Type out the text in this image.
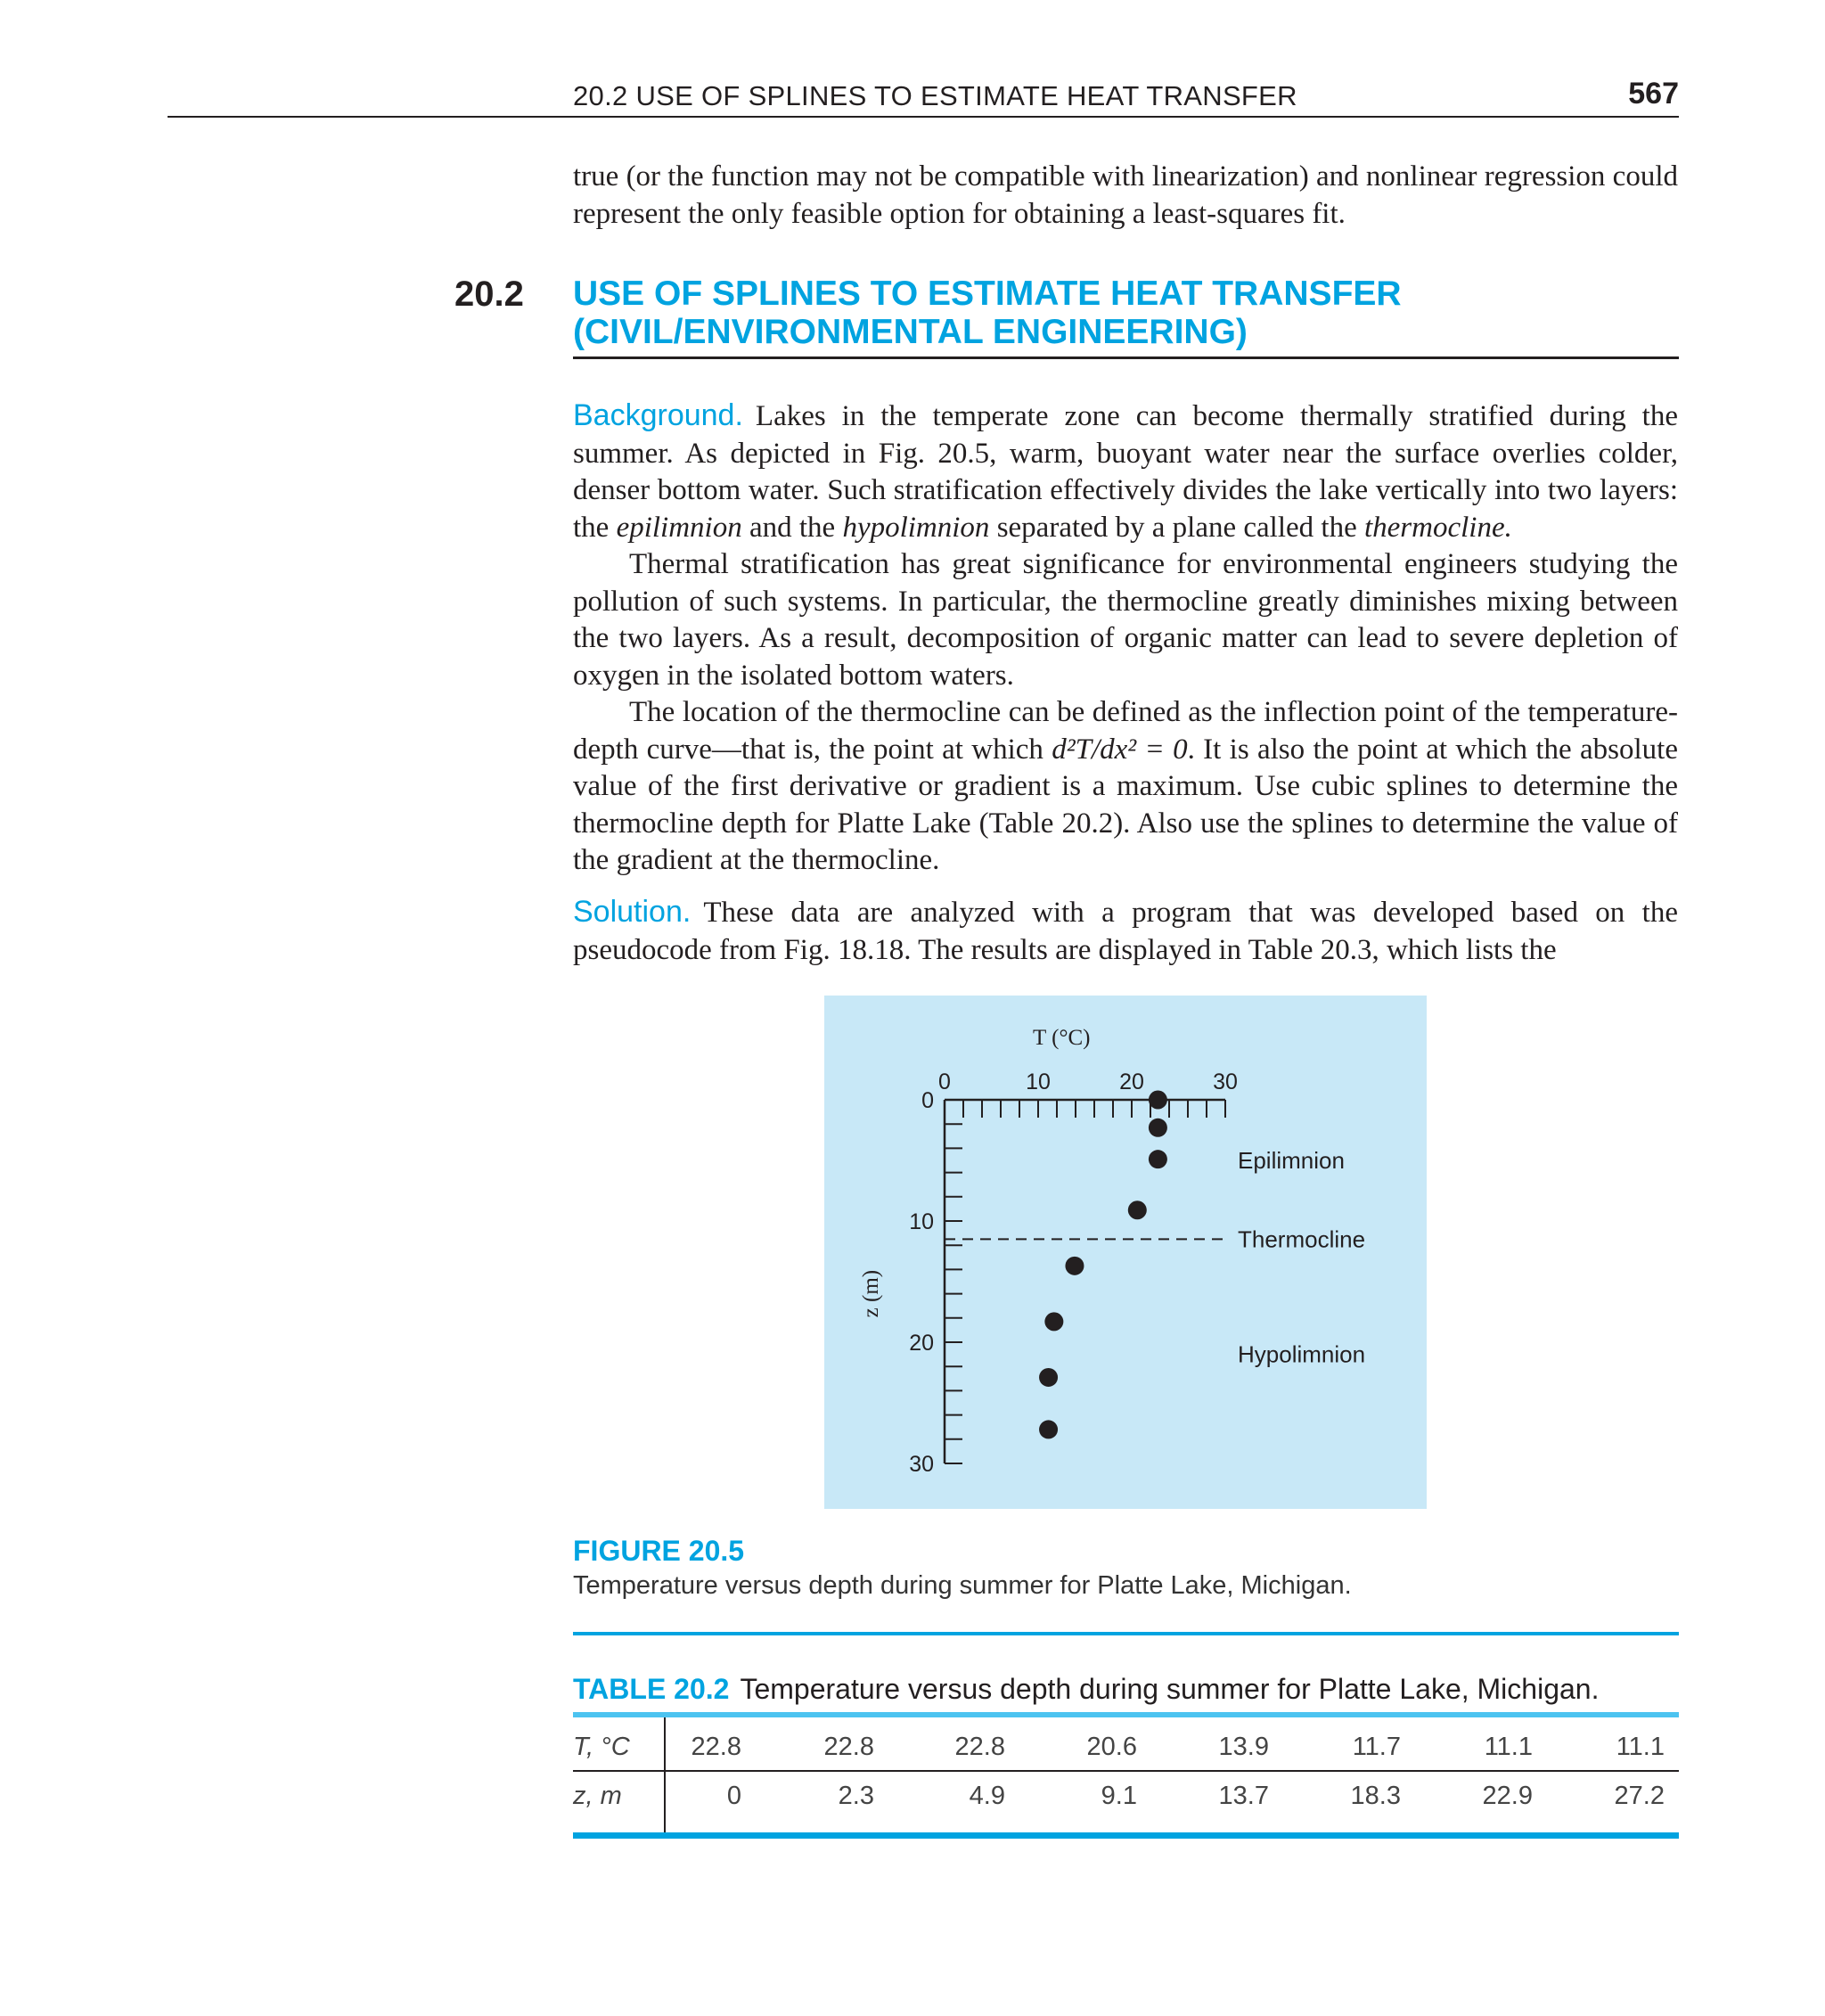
20.2 USE OF SPLINES TO ESTIMATE HEAT TRANSFER	567

true (or the function may not be compatible with linearization) and nonlinear regression could represent the only feasible option for obtaining a least-squares fit.

20.2 USE OF SPLINES TO ESTIMATE HEAT TRANSFER
(CIVIL/ENVIRONMENTAL ENGINEERING)

Background. Lakes in the temperate zone can become thermally stratified during the summer. As depicted in Fig. 20.5, warm, buoyant water near the surface overlies colder, denser bottom water. Such stratification effectively divides the lake vertically into two layers: the epilimnion and the hypolimnion separated by a plane called the thermocline.

Thermal stratification has great significance for environmental engineers studying the pollution of such systems. In particular, the thermocline greatly diminishes mixing between the two layers. As a result, decomposition of organic matter can lead to severe depletion of oxygen in the isolated bottom waters.

The location of the thermocline can be defined as the inflection point of the temperature-depth curve—that is, the point at which d²T/dx² = 0. It is also the point at which the absolute value of the first derivative or gradient is a maximum. Use cubic splines to determine the thermocline depth for Platte Lake (Table 20.2). Also use the splines to determine the value of the gradient at the thermocline.

Solution. These data are analyzed with a program that was developed based on the pseudocode from Fig. 18.18. The results are displayed in Table 20.3, which lists the

0	10	20	30
0
10
20
30
T (°C)
z (m)
Epilimnion
Thermocline
Hypolimnion
FIGURE 20.5
Temperature versus depth during summer for Platte Lake, Michigan.
TABLE 20.2 Temperature versus depth during summer for Platte Lake, Michigan.
T, °C	22.8	22.8	22.8	20.6	13.9	11.7	11.1	11.1
z, m	0	2.3	4.9	9.1	13.7	18.3	22.9	27.2
